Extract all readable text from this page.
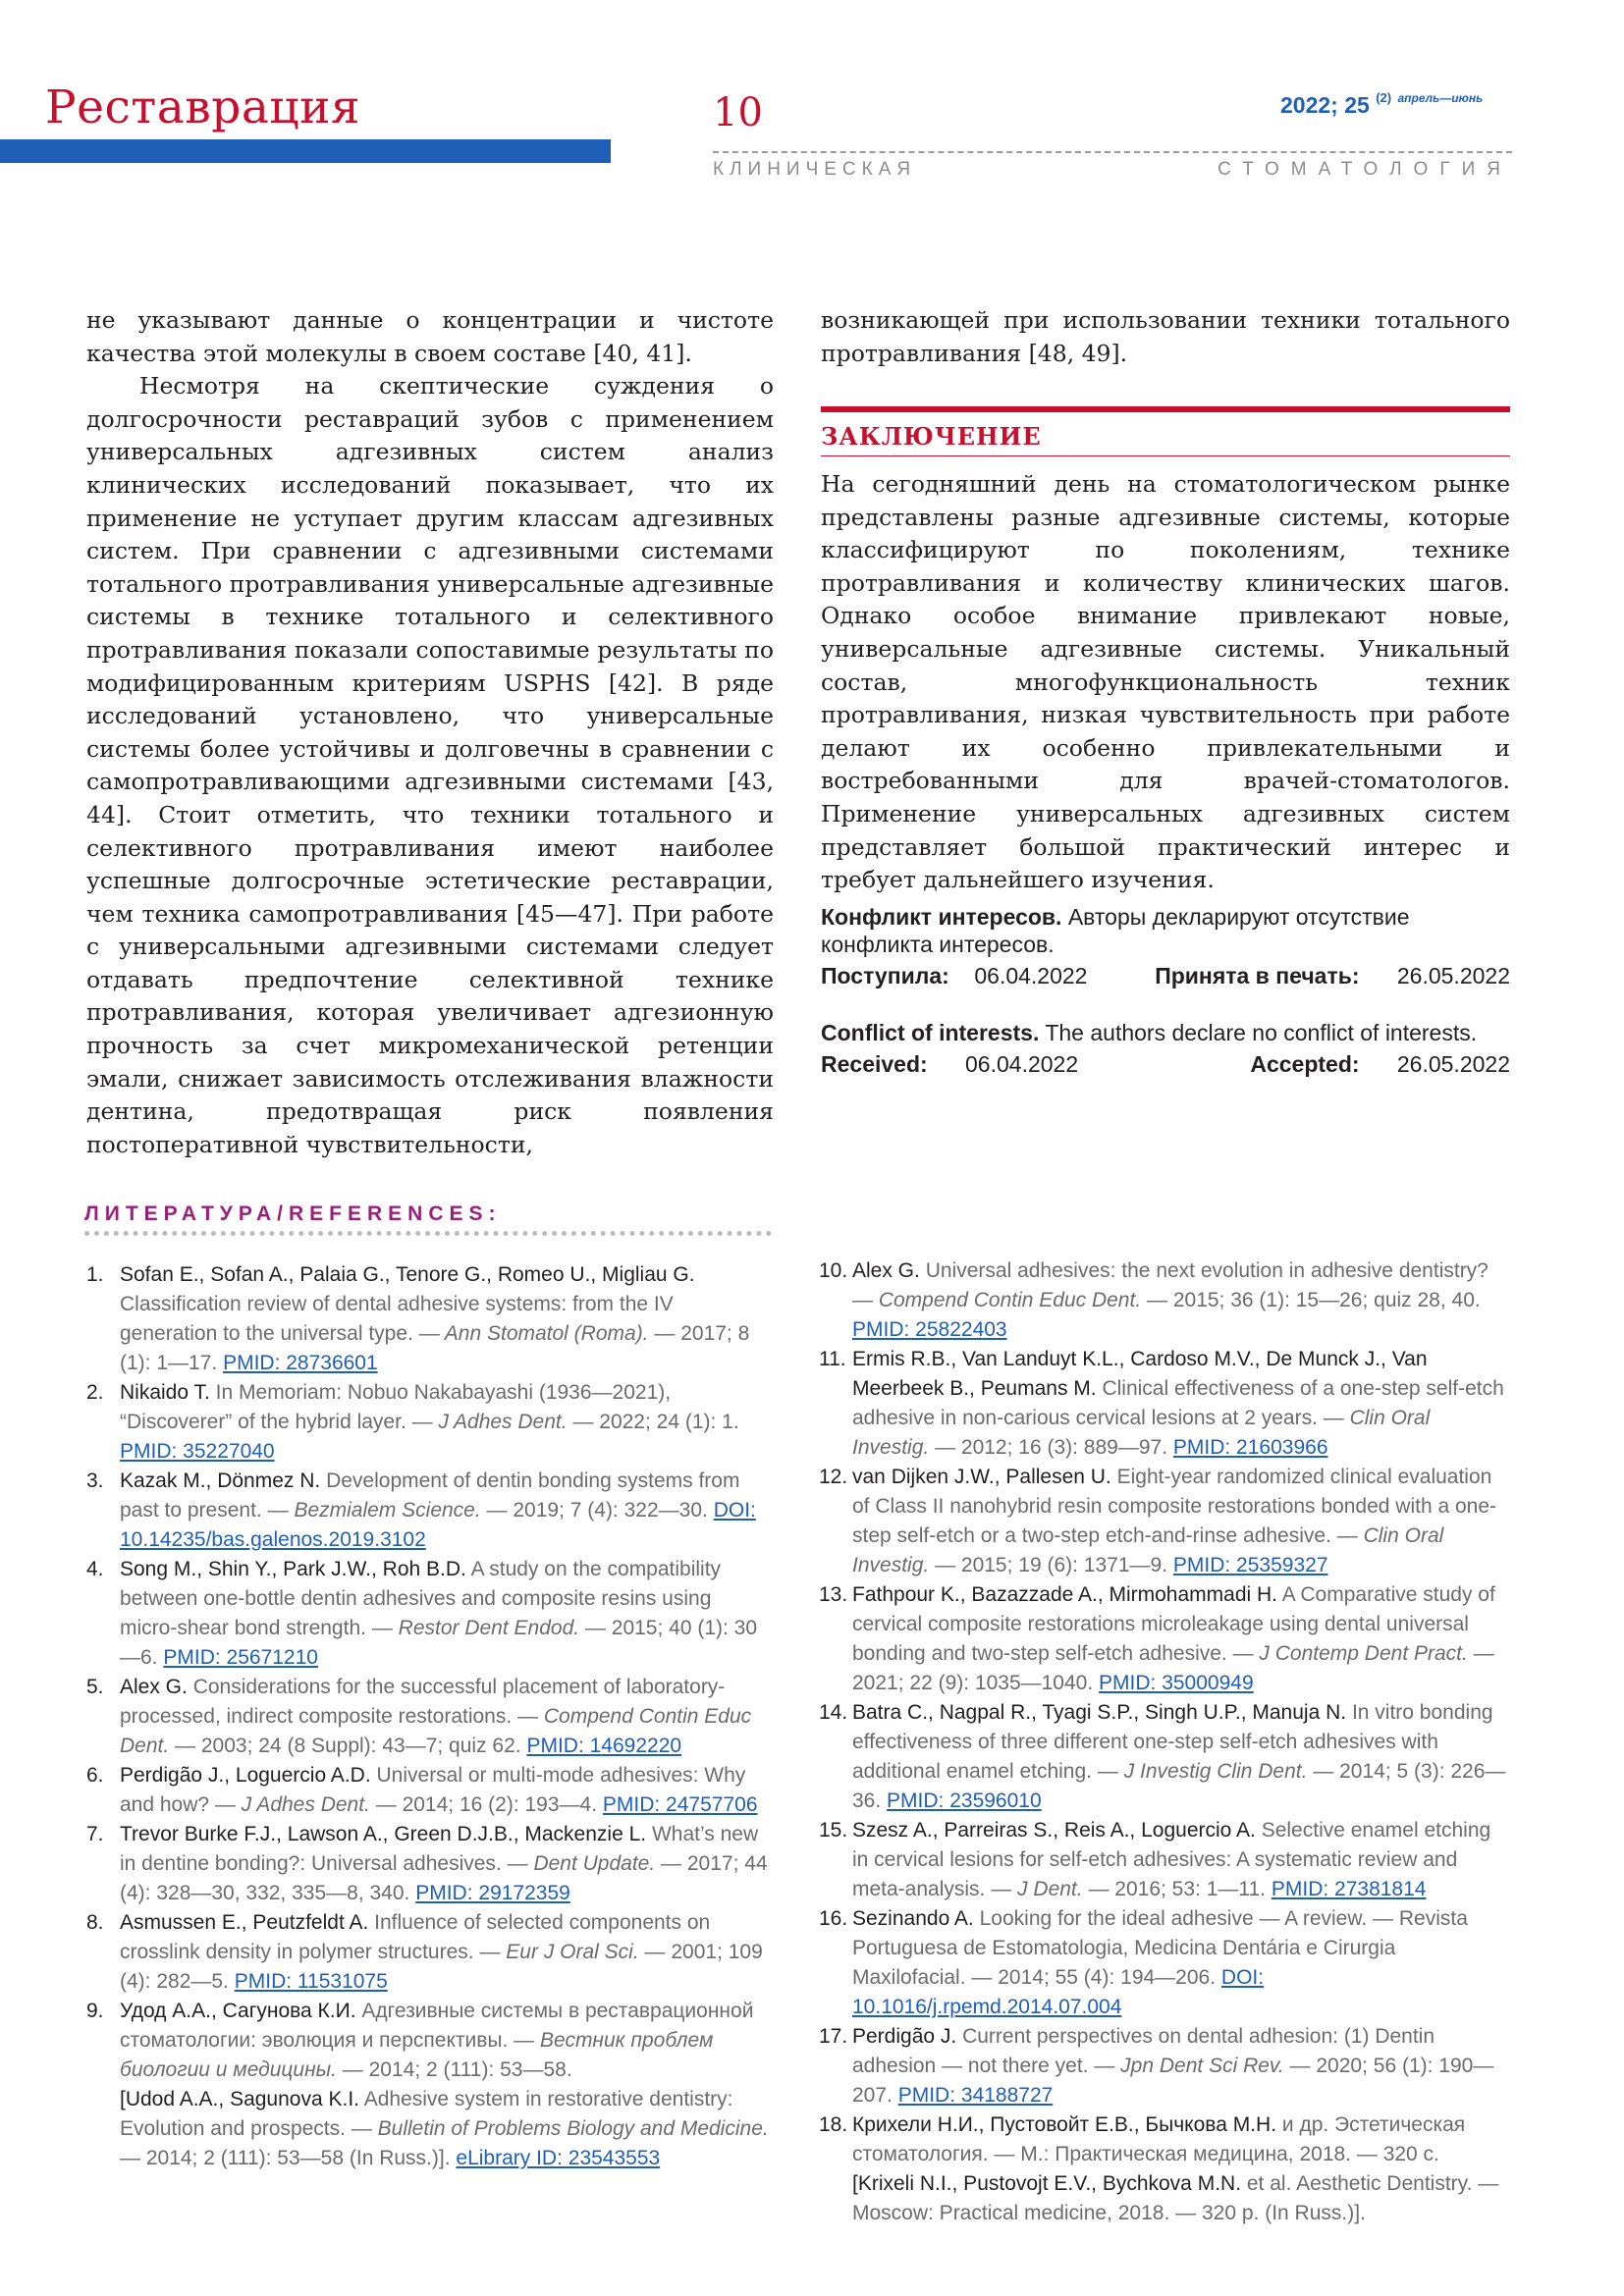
Реставрация	10	2022; 25 $^{(2)}$ $^{апрель—июнь}$
КЛИНИЧЕСКАЯ	СТОМАТОЛОГИЯ

не указывают данные о концентрации и чистоте качества этой молекулы в своем составе [40, 41].

Несмотря на скептические суждения о долгосрочности реставраций зубов с применением универсальных адгезивных систем анализ клинических исследований показывает, что их применение не уступает другим классам адгезивных систем. При сравнении с адгезивными системами тотального протравливания универсальные адгезивные системы в технике тотального и селективного протравливания показали сопоставимые результаты по модифицированным критериям USPHS [42]. В ряде исследований установлено, что универсальные системы более устойчивы и долговечны в сравнении с самопротравливающими адгезивными системами [43, 44]. Стоит отметить, что техники тотального и селективного протравливания имеют наиболее успешные долгосрочные эстетические реставрации, чем техника самопротравливания [45—47]. При работе с универсальными адгезивными системами следует отдавать предпочтение селективной технике протравливания, которая увеличивает адгезионную прочность за счет микромеханической ретенции эмали, снижает зависимость отслеживания влажности дентина, предотвращая риск появления постоперативной чувствительности,

возникающей при использовании техники тотального протравливания [48, 49].

ЗАКЛЮЧЕНИЕ

На сегодняшний день на стоматологическом рынке представлены разные адгезивные системы, которые классифицируют по поколениям, технике протравливания и количеству клинических шагов. Однако особое внимание привлекают новые, универсальные адгезивные системы. Уникальный состав, многофункциональность техник протравливания, низкая чувствительность при работе делают их особенно привлекательными и востребованными для врачей-стоматологов. Применение универсальных адгезивных систем представляет большой практический интерес и требует дальнейшего изучения.

Конфликт интересов. Авторы декларируют отсутствие конфликта интересов.
Поступила: 06.04.2022	Принята в печать: 26.05.2022
Conflict of interests. The authors declare no conflict of interests.
Received: 06.04.2022	Accepted: 26.05.2022
ЛИТЕРАТУРА/REFERENCES:
1. Sofan E., Sofan A., Palaia G., Tenore G., Romeo U., Migliau G. Classification review of dental adhesive systems: from the IV generation to the universal type. — Ann Stomatol (Roma). — 2017; 8 (1): 1—17. PMID: 28736601
2. Nikaido T. In Memoriam: Nobuo Nakabayashi (1936—2021), “Discoverer” of the hybrid layer. — J Adhes Dent. — 2022; 24 (1): 1. PMID: 35227040
3. Kazak M., Dönmez N. Development of dentin bonding systems from past to present. — Bezmialem Science. — 2019; 7 (4): 322—30. DOI: 10.14235/bas.galenos.2019.3102
4. Song M., Shin Y., Park J.W., Roh B.D. A study on the compatibility between one-bottle dentin adhesives and composite resins using micro-shear bond strength. — Restor Dent Endod. — 2015; 40 (1): 30—6. PMID: 25671210
5. Alex G. Considerations for the successful placement of laboratory-processed, indirect composite restorations. — Compend Contin Educ Dent. — 2003; 24 (8 Suppl): 43—7; quiz 62. PMID: 14692220
6. Perdigão J., Loguercio A.D. Universal or multi-mode adhesives: Why and how? — J Adhes Dent. — 2014; 16 (2): 193—4. PMID: 24757706
7. Trevor Burke F.J., Lawson A., Green D.J.B., Mackenzie L. What’s new in dentine bonding?: Universal adhesives. — Dent Update. — 2017; 44 (4): 328—30, 332, 335—8, 340. PMID: 29172359
8. Asmussen E., Peutzfeldt A. Influence of selected components on crosslink density in polymer structures. — Eur J Oral Sci. — 2001; 109 (4): 282—5. PMID: 11531075
9. Удод А.А., Сагунова К.И. Адгезивные системы в реставрационной стоматологии: эволюция и перспективы. — Вестник проблем биологии и медицины. — 2014; 2 (111): 53—58.
[Udod A.A., Sagunova K.I. Adhesive system in restorative dentistry: Evolution and prospects. — Bulletin of Problems Biology and Medicine. — 2014; 2 (111): 53—58 (In Russ.)]. eLibrary ID: 23543553
10. Alex G. Universal adhesives: the next evolution in adhesive dentistry? — Compend Contin Educ Dent. — 2015; 36 (1): 15—26; quiz 28, 40. PMID: 25822403
11. Ermis R.B., Van Landuyt K.L., Cardoso M.V., De Munck J., Van Meerbeek B., Peumans M. Clinical effectiveness of a one-step self-etch adhesive in non-carious cervical lesions at 2 years. — Clin Oral Investig. — 2012; 16 (3): 889—97. PMID: 21603966
12. van Dijken J.W., Pallesen U. Eight-year randomized clinical evaluation of Class II nanohybrid resin composite restorations bonded with a one-step self-etch or a two-step etch-and-rinse adhesive. — Clin Oral Investig. — 2015; 19 (6): 1371—9. PMID: 25359327
13. Fathpour K., Bazazzade A., Mirmohammadi H. A Comparative study of cervical composite restorations microleakage using dental universal bonding and two-step self-etch adhesive. — J Contemp Dent Pract. — 2021; 22 (9): 1035—1040. PMID: 35000949
14. Batra C., Nagpal R., Tyagi S.P., Singh U.P., Manuja N. In vitro bonding effectiveness of three different one-step self-etch adhesives with additional enamel etching. — J Investig Clin Dent. — 2014; 5 (3): 226—36. PMID: 23596010
15. Szesz A., Parreiras S., Reis A., Loguercio A. Selective enamel etching in cervical lesions for self-etch adhesives: A systematic review and meta-analysis. — J Dent. — 2016; 53: 1—11. PMID: 27381814
16. Sezinando A. Looking for the ideal adhesive — A review. — Revista Portuguesa de Estomatologia, Medicina Dentária e Cirurgia Maxilofacial. — 2014; 55 (4): 194—206. DOI: 10.1016/j.rpemd.2014.07.004
17. Perdigão J. Current perspectives on dental adhesion: (1) Dentin adhesion — not there yet. — Jpn Dent Sci Rev. — 2020; 56 (1): 190—207. PMID: 34188727
18. Крихели Н.И., Пустовойт Е.В., Бычкова М.Н. и др. Эстетическая стоматология. — М.: Практическая медицина, 2018. — 320 с.
[Krixeli N.I., Pustovojt E.V., Bychkova M.N. et al. Aesthetic Dentistry. — Moscow: Practical medicine, 2018. — 320 p. (In Russ.)].
